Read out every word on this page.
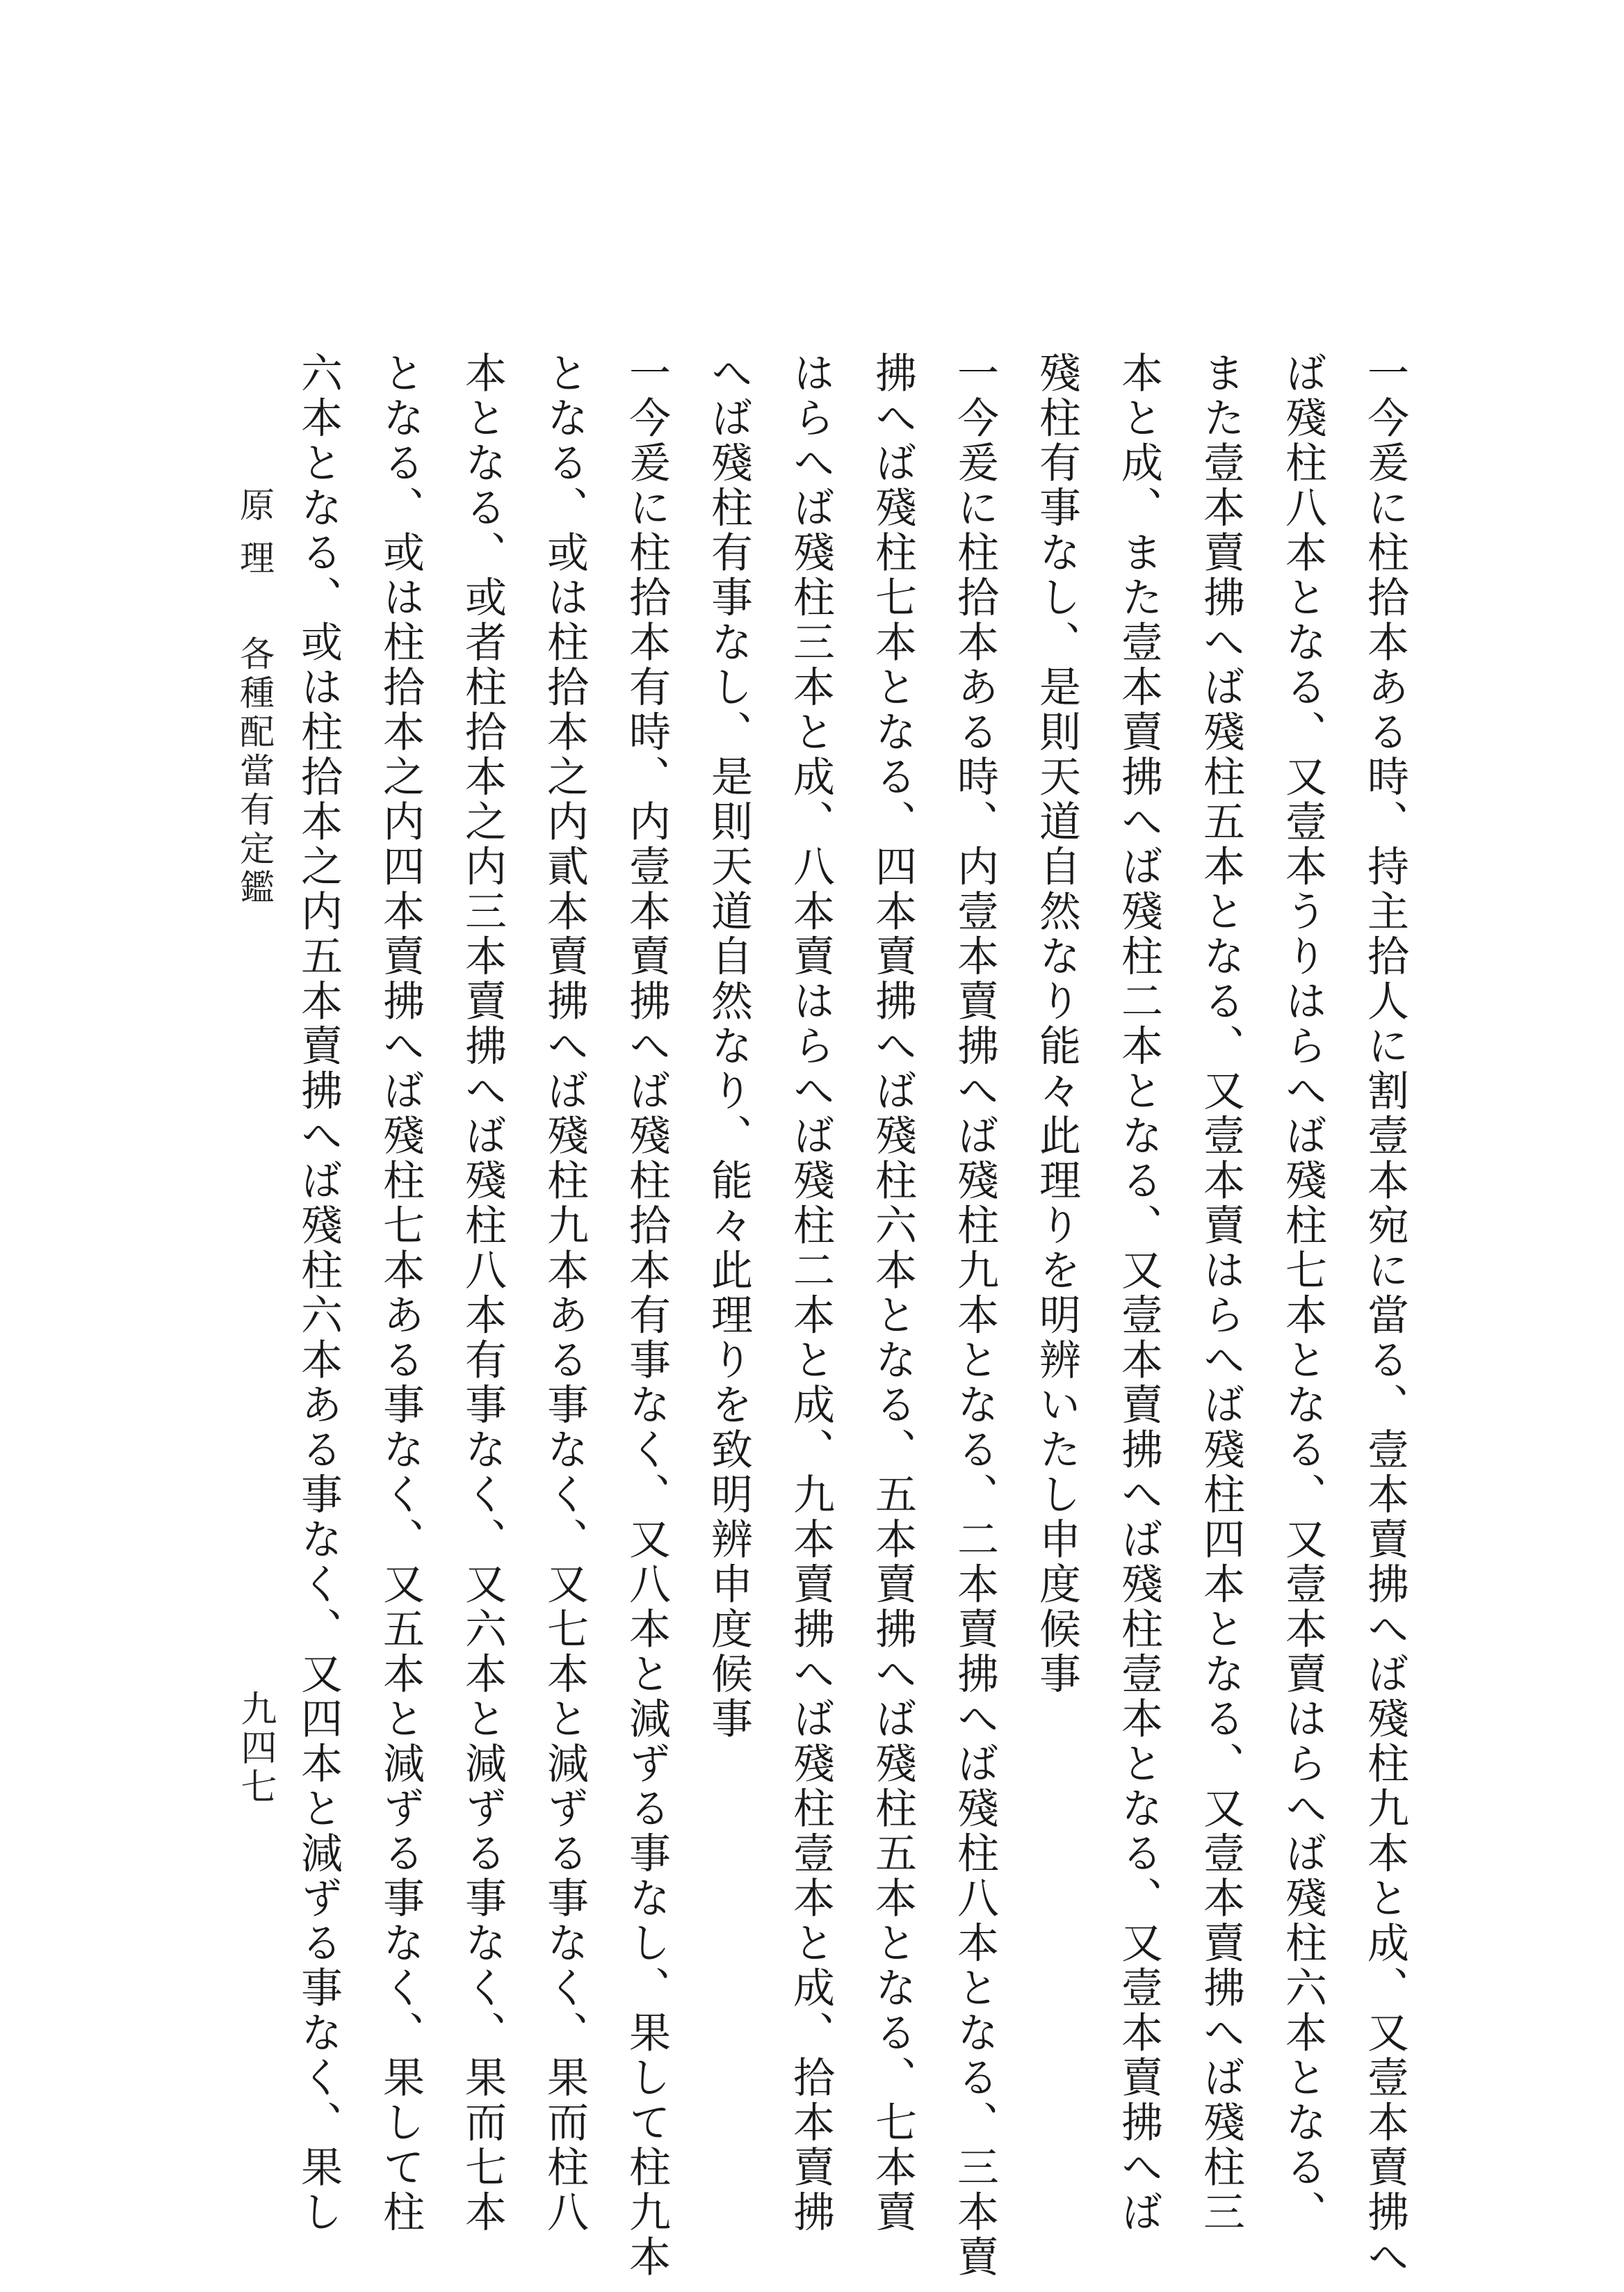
一今爰に柱拾本ある時、持主拾人に割壹本宛に當る、壹本賣拂へば殘柱九本と成、又壹本賣拂へ
ば殘柱八本となる、又壹本うりはらへば殘柱七本となる、又壹本賣はらへば殘柱六本となる、
また壹本賣拂へば殘柱五本となる、又壹本賣はらへば殘柱四本となる、又壹本賣拂へば殘柱三
本と成、また壹本賣拂へば殘柱二本となる、又壹本賣拂へば殘柱壹本となる、又壹本賣拂へば
殘柱有事なし、是則天道自然なり能々此理りを明辨いたし申度候事
一今爰に柱拾本ある時、内壹本賣拂へば殘柱九本となる、二本賣拂へば殘柱八本となる、三本賣
拂へば殘柱七本となる、四本賣拂へば殘柱六本となる、五本賣拂へば殘柱五本となる、七本賣
はらへば殘柱三本と成、八本賣はらへば殘柱二本と成、九本賣拂へば殘柱壹本と成、拾本賣拂
へば殘柱有事なし、是則天道自然なり、能々此理りを致明辨申度候事
一今爰に柱拾本有時、内壹本賣拂へば殘柱拾本有事なく、又八本と減ずる事なし、果して柱九本
となる、或は柱拾本之内貳本賣拂へば殘柱九本ある事なく、又七本と減ずる事なく、果而柱八
本となる、或者柱拾本之内三本賣拂へば殘柱八本有事なく、又六本と減ずる事なく、果而七本
となる、或は柱拾本之内四本賣拂へば殘柱七本ある事なく、又五本と減ずる事なく、果して柱
六本となる、或は柱拾本之内五本賣拂へば殘柱六本ある事なく、又四本と減ずる事なく、果し
原理 各種配當有定鑑
九四七
